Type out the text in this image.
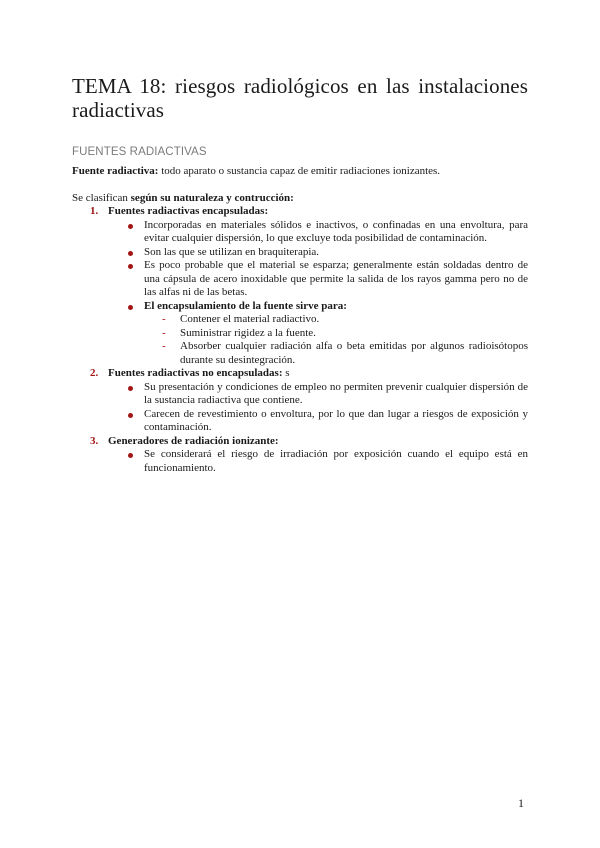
TEMA 18: riesgos radiológicos en las instalaciones radiactivas
FUENTES RADIACTIVAS
Fuente radiactiva: todo aparato o sustancia capaz de emitir radiaciones ionizantes.
Se clasifican según su naturaleza y contrucción:
1. Fuentes radiactivas encapsuladas:
Incorporadas en materiales sólidos e inactivos, o confinadas en una envoltura, para evitar cualquier dispersión, lo que excluye toda posibilidad de contaminación.
Son las que se utilizan en braquiterapia.
Es poco probable que el material se esparza; generalmente están soldadas dentro de una cápsula de acero inoxidable que permite la salida de los rayos gamma pero no de las alfas ni de las betas.
El encapsulamiento de la fuente sirve para:
- Contener el material radiactivo.
- Suministrar rigidez a la fuente.
- Absorber cualquier radiación alfa o beta emitidas por algunos radioisótopos durante su desintegración.
2. Fuentes radiactivas no encapsuladas: s
Su presentación y condiciones de empleo no permiten prevenir cualquier dispersión de la sustancia radiactiva que contiene.
Carecen de revestimiento o envoltura, por lo que dan lugar a riesgos de exposición y contaminación.
3. Generadores de radiación ionizante:
Se considerará el riesgo de irradiación por exposición cuando el equipo está en funcionamiento.
1
